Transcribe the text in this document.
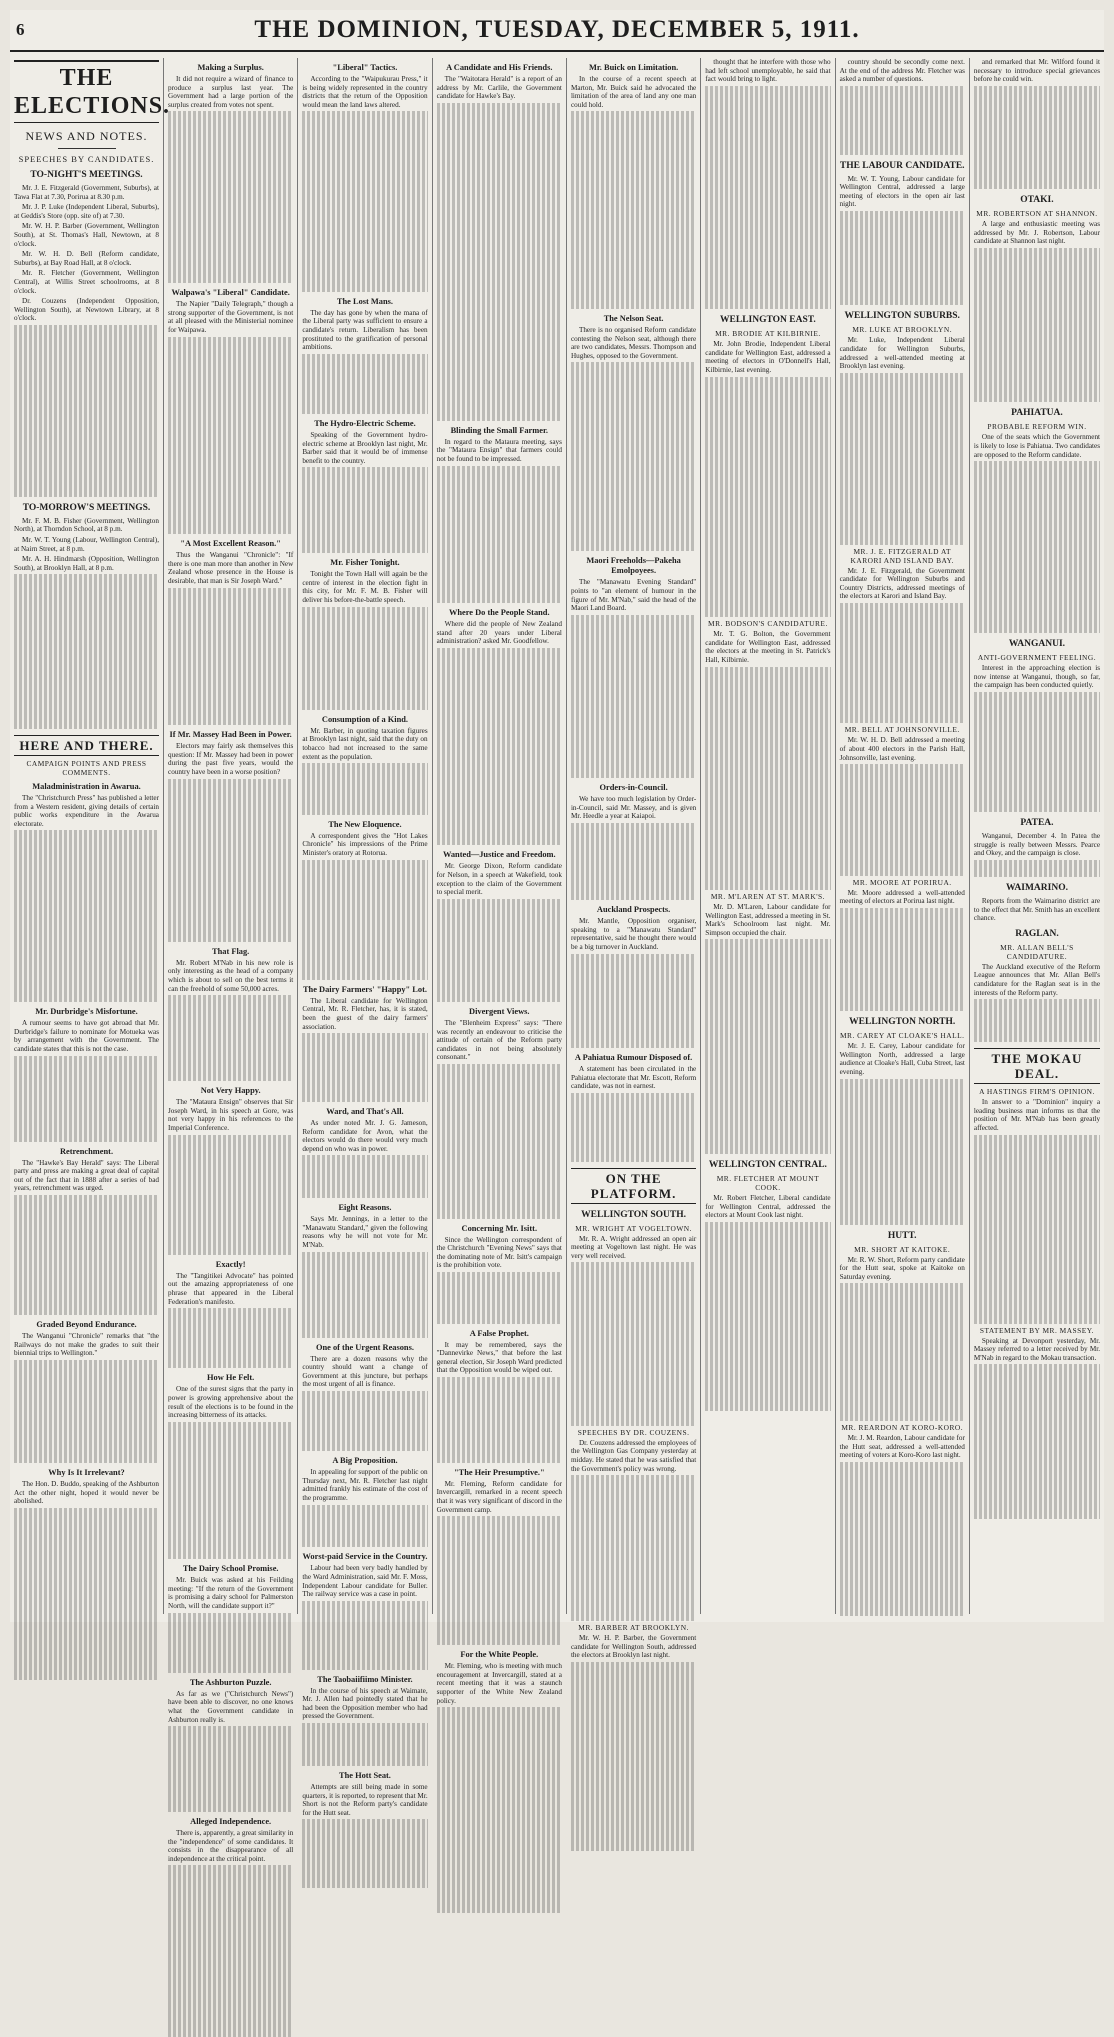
6	THE DOMINION, TUESDAY, DECEMBER 5, 1911.
THE ELECTIONS.
NEWS AND NOTES.
SPEECHES BY CANDIDATES.
TO-NIGHT'S MEETINGS.

Mr. J. E. Fitzgerald (Government, Suburbs), at Tawa Flat at 7.30, Porirua at 8.30 p.m.

Mr. J. P. Luke (Independent Liberal, Suburbs), at Geddis's Store (opp. site of) at 7.30.

Mr. W. H. P. Barber (Government, Wellington South), at St. Thomas's Hall, Newtown, at 8 o'clock.

Mr. W. H. D. Bell (Reform candidate, Suburbs), at Bay Road Hall, at 8 o'clock.

Mr. R. Fletcher (Government, Wellington Central), at Willis Street schoolrooms, at 8 o'clock.

Dr. Couzens (Independent Opposition, Wellington South), at Newtown Library, at 8 o'clock.

TO-MORROW'S MEETINGS.

Mr. F. M. B. Fisher (Government, Wellington North), at Thorndon School, at 8 p.m.

Mr. W. T. Young (Labour, Wellington Central), at Nairn Street, at 8 p.m.

Mr. A. H. Hindmarsh (Opposition, Wellington South), at Brooklyn Hall, at 8 p.m.

HERE AND THERE.
CAMPAIGN POINTS AND PRESS COMMENTS.
Maladministration in Awarua.

The "Christchurch Press" has published a letter from a Western resident, giving details of certain public works expenditure in the Awarua electorate.

Mr. Durbridge's Misfortune.

A rumour seems to have got abroad that Mr. Durbridge's failure to nominate for Motueka was by arrangement with the Government. The candidate states that this is not the case.

Retrenchment.

The "Hawke's Bay Herald" says: The Liberal party and press are making a great deal of capital out of the fact that in 1888 after a series of bad years, retrenchment was urged.

Graded Beyond Endurance.

The Wanganui "Chronicle" remarks that "the Railways do not make the grades to suit their biennial trips to Wellington."

Why Is It Irrelevant?

The Hon. D. Buddo, speaking of the Ashburton Act the other night, hoped it would never be abolished.

Making a Surplus.

It did not require a wizard of finance to produce a surplus last year. The Government had a large portion of the surplus created from votes not spent.

Walpawa's "Liberal" Candidate.

The Napier "Daily Telegraph," though a strong supporter of the Government, is not at all pleased with the Ministerial nominee for Waipawa.

"A Most Excellent Reason."

Thus the Wanganui "Chronicle": "If there is one man more than another in New Zealand whose presence in the House is desirable, that man is Sir Joseph Ward."

If Mr. Massey Had Been in Power.

Electors may fairly ask themselves this question: If Mr. Massey had been in power during the past five years, would the country have been in a worse position?

That Flag.

Mr. Robert M'Nab in his new role is only interesting as the head of a company which is about to sell on the best terms it can the freehold of some 50,000 acres.

Not Very Happy.

The "Mataura Ensign" observes that Sir Joseph Ward, in his speech at Gore, was not very happy in his references to the Imperial Conference.

Exactly!

The "Tangitikei Advocate" has pointed out the amazing appropriateness of one phrase that appeared in the Liberal Federation's manifesto.

How He Felt.

One of the surest signs that the party in power is growing apprehensive about the result of the elections is to be found in the increasing bitterness of its attacks.

The Dairy School Promise.

Mr. Buick was asked at his Feilding meeting: "If the return of the Government is promising a dairy school for Palmerston North, will the candidate support it?"

The Ashburton Puzzle.

As far as we ("Christchurch News") have been able to discover, no one knows what the Government candidate in Ashburton really is.

Alleged Independence.

There is, apparently, a great similarity in the "independence" of some candidates. It consists in the disappearance of all independence at the critical point.

"Liberal" Tactics.

According to the "Waipukurau Press," it is being widely represented in the country districts that the return of the Opposition would mean the land laws altered.

The Lost Mans.

The day has gone by when the mana of the Liberal party was sufficient to ensure a candidate's return. Liberalism has been prostituted to the gratification of personal ambitions.

The Hydro-Electric Scheme.

Speaking of the Government hydro-electric scheme at Brooklyn last night, Mr. Barber said that it would be of immense benefit to the country.

Mr. Fisher Tonight.

Tonight the Town Hall will again be the centre of interest in the election fight in this city, for Mr. F. M. B. Fisher will deliver his before-the-battle speech.

Consumption of a Kind.

Mr. Barber, in quoting taxation figures at Brooklyn last night, said that the duty on tobacco had not increased to the same extent as the population.

The New Eloquence.

A correspondent gives the "Hot Lakes Chronicle" his impressions of the Prime Minister's oratory at Rotorua.

The Dairy Farmers' "Happy" Lot.

The Liberal candidate for Wellington Central, Mr. R. Fletcher, has, it is stated, been the guest of the dairy farmers' association.

Ward, and That's All.

As under noted Mr. J. G. Jameson, Reform candidate for Avon, what the electors would do there would very much depend on who was in power.

Eight Reasons.

Says Mr. Jennings, in a letter to the "Manawatu Standard," given the following reasons why he will not vote for Mr. M'Nab.

One of the Urgent Reasons.

There are a dozen reasons why the country should want a change of Government at this juncture, but perhaps the most urgent of all is finance.

A Big Proposition.

In appealing for support of the public on Thursday next, Mr. R. Fletcher last night admitted frankly his estimate of the cost of the programme.

Worst-paid Service in the Country.

Labour had been very badly handled by the Ward Administration, said Mr. F. Moss, Independent Labour candidate for Buller. The railway service was a case in point.

The Taobaiifiimo Minister.

In the course of his speech at Waimate, Mr. J. Allen had pointedly stated that he had been the Opposition member who had pressed the Government.

The Hott Seat.

Attempts are still being made in some quarters, it is reported, to represent that Mr. Short is not the Reform party's candidate for the Hutt seat.

A Candidate and His Friends.

The "Waitotara Herald" is a report of an address by Mr. Carlile, the Government candidate for Hawke's Bay.

Blinding the Small Farmer.

In regard to the Mataura meeting, says the "Mataura Ensign" that farmers could not be found to be impressed.

Where Do the People Stand.

Where did the people of New Zealand stand after 20 years under Liberal administration? asked Mr. Goodfellow.

Wanted—Justice and Freedom.

Mr. George Dixon, Reform candidate for Nelson, in a speech at Wakefield, took exception to the claim of the Government to special merit.

Divergent Views.

The "Blenheim Express" says: "There was recently an endeavour to criticise the attitude of certain of the Reform party candidates in not being absolutely consonant."

Concerning Mr. Isitt.

Since the Wellington correspondent of the Christchurch "Evening News" says that the dominating note of Mr. Isitt's campaign is the prohibition vote.

A False Prophet.

It may be remembered, says the "Dannevirke News," that before the last general election, Sir Joseph Ward predicted that the Opposition would be wiped out.

"The Heir Presumptive."

Mr. Fleming, Reform candidate for Invercargill, remarked in a recent speech that it was very significant of discord in the Government camp.

For the White People.

Mr. Fleming, who is meeting with much encouragement at Invercargill, stated at a recent meeting that it was a staunch supporter of the White New Zealand policy.

Mr. Buick on Limitation.

In the course of a recent speech at Marton, Mr. Buick said he advocated the limitation of the area of land any one man could hold.

The Nelson Seat.

There is no organised Reform candidate contesting the Nelson seat, although there are two candidates, Messrs. Thompson and Hughes, opposed to the Government.

Maori Freeholds—Pakeha Emolpoyees.

The "Manawatu Evening Standard" points to "an element of humour in the figure of Mr. M'Nab," said the head of the Maori Land Board.

Orders-in-Council.

We have too much legislation by Order-in-Council, said Mr. Massey, and is given Mr. Heedle a year at Kaiapoi.

Auckland Prospects.

Mr. Mantle, Opposition organiser, speaking to a "Manawatu Standard" representative, said he thought there would be a big turnover in Auckland.

A Pahiatua Rumour Disposed of.

A statement has been circulated in the Pahiatua electorate that Mr. Escott, Reform candidate, was not in earnest.

ON THE PLATFORM.
WELLINGTON SOUTH.
MR. WRIGHT AT VOGELTOWN.

Mr. R. A. Wright addressed an open air meeting at Vogeltown last night. He was very well received.

SPEECHES BY DR. COUZENS.

Dr. Couzens addressed the employees of the Wellington Gas Company yesterday at midday. He stated that he was satisfied that the Government's policy was wrong.

MR. BARBER AT BROOKLYN.

Mr. W. H. P. Barber, the Government candidate for Wellington South, addressed the electors at Brooklyn last night.

thought that he interfere with those who had left school unemployable, he said that fact would bring to light.

WELLINGTON EAST.
MR. BRODIE AT KILBIRNIE.

Mr. John Brodie, Independent Liberal candidate for Wellington East, addressed a meeting of electors in O'Donnell's Hall, Kilbirnie, last evening.

MR. BODSON'S CANDIDATURE.

Mr. T. G. Bolton, the Government candidate for Wellington East, addressed the electors at the meeting in St. Patrick's Hall, Kilbirnie.

MR. M'LAREN AT ST. MARK'S.

Mr. D. M'Laren, Labour candidate for Wellington East, addressed a meeting in St. Mark's Schoolroom last night. Mr. Simpson occupied the chair.

WELLINGTON CENTRAL.
MR. FLETCHER AT MOUNT COOK.

Mr. Robert Fletcher, Liberal candidate for Wellington Central, addressed the electors at Mount Cook last night.

country should be secondly come next. At the end of the address Mr. Fletcher was asked a number of questions.

THE LABOUR CANDIDATE.

Mr. W. T. Young, Labour candidate for Wellington Central, addressed a large meeting of electors in the open air last night.

WELLINGTON SUBURBS.
MR. LUKE AT BROOKLYN.

Mr. Luke, Independent Liberal candidate for Wellington Suburbs, addressed a well-attended meeting at Brooklyn last evening.

MR. J. E. FITZGERALD AT KARORI AND ISLAND BAY.

Mr. J. E. Fitzgerald, the Government candidate for Wellington Suburbs and Country Districts, addressed meetings of the electors at Karori and Island Bay.

MR. BELL AT JOHNSONVILLE.

Mr. W. H. D. Bell addressed a meeting of about 400 electors in the Parish Hall, Johnsonville, last evening.

MR. MOORE AT PORIRUA.

Mr. Moore addressed a well-attended meeting of electors at Porirua last night.

WELLINGTON NORTH.
MR. CAREY AT CLOAKE'S HALL.

Mr. J. E. Carey, Labour candidate for Wellington North, addressed a large audience at Cloake's Hall, Cuba Street, last evening.

HUTT.
MR. SHORT AT KAITOKE.

Mr. R. W. Short, Reform party candidate for the Hutt seat, spoke at Kaitoke on Saturday evening.

MR. REARDON AT KORO-KORO.

Mr. J. M. Reardon, Labour candidate for the Hutt seat, addressed a well-attended meeting of voters at Koro-Koro last night.

and remarked that Mr. Wilford found it necessary to introduce special grievances before he could win.

OTAKI.
MR. ROBERTSON AT SHANNON.

A large and enthusiastic meeting was addressed by Mr. J. Robertson, Labour candidate at Shannon last night.

PAHIATUA.
PROBABLE REFORM WIN.

One of the seats which the Government is likely to lose is Pahiatua. Two candidates are opposed to the Reform candidate.

WANGANUI.
ANTI-GOVERNMENT FEELING.

Interest in the approaching election is now intense at Wanganui, though, so far, the campaign has been conducted quietly.

PATEA.

Wanganui, December 4. In Patea the struggle is really between Messrs. Pearce and Okey, and the campaign is close.

WAIMARINO.

Reports from the Waimarino district are to the effect that Mr. Smith has an excellent chance.

RAGLAN.
MR. ALLAN BELL'S CANDIDATURE.

The Auckland executive of the Reform League announces that Mr. Allan Bell's candidature for the Raglan seat is in the interests of the Reform party.

THE MOKAU DEAL.
A HASTINGS FIRM'S OPINION.

In answer to a "Dominion" inquiry a leading business man informs us that the position of Mr. M'Nab has been greatly affected.

STATEMENT BY MR. MASSEY.

Speaking at Devonport yesterday, Mr. Massey referred to a letter received by Mr. M'Nab in regard to the Mokau transaction.
